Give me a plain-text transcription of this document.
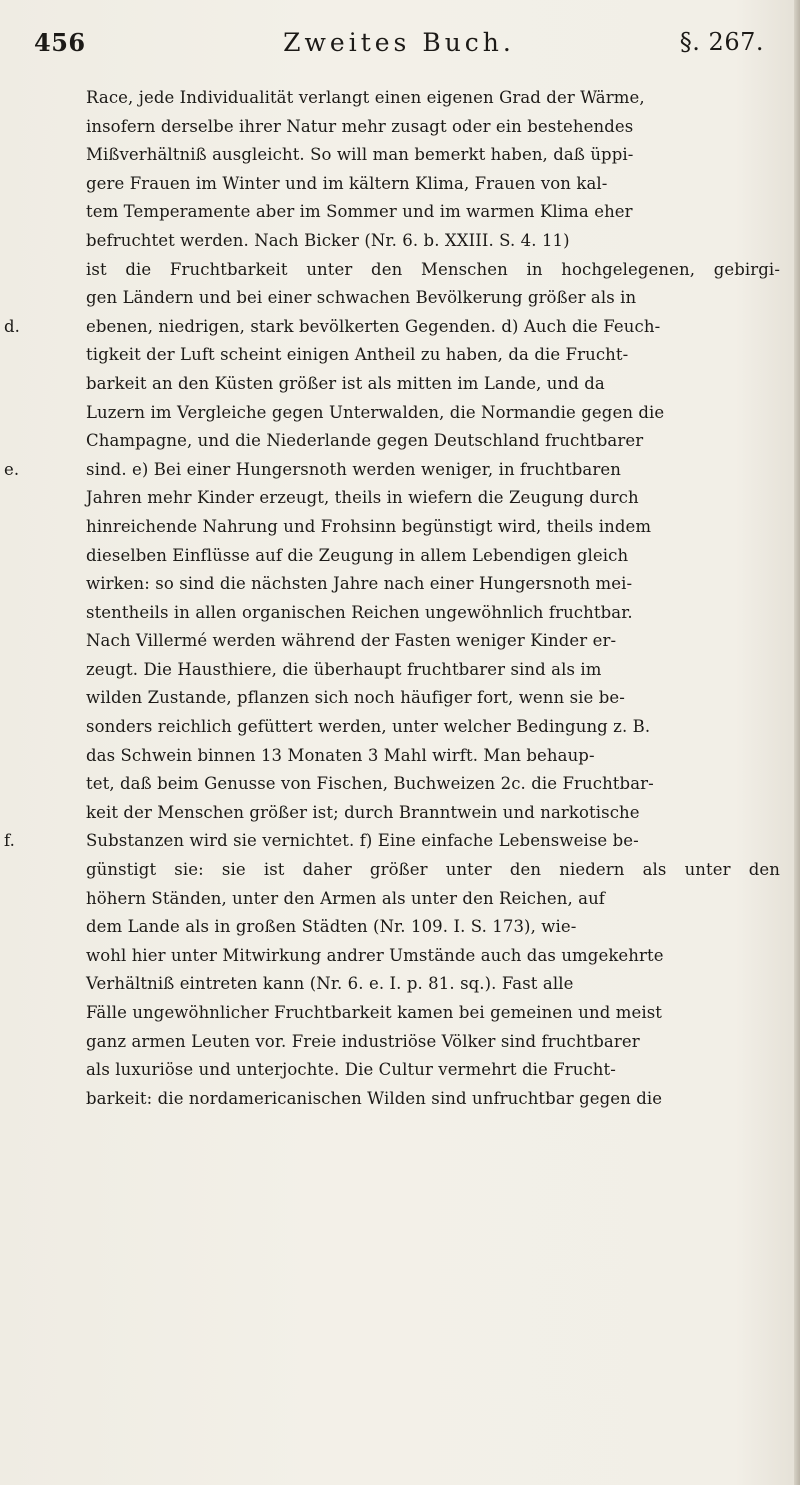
456	Zweites Buch.	§. 267.
Race, jede Individualität verlangt einen eigenen Grad der Wärme,
insofern derselbe ihrer Natur mehr zusagt oder ein bestehendes
Mißverhältniß ausgleicht. So will man bemerkt haben, daß üppi-
gere Frauen im Winter und im kältern Klima, Frauen von kal-
tem Temperamente aber im Sommer und im warmen Klima eher
befruchtet werden. Nach Bicker (Nr. 6. b. XXIII. S. 4. 11)
ist die Fruchtbarkeit unter den Menschen in hochgelegenen, gebirgi-
gen Ländern und bei einer schwachen Bevölkerung größer als in
d.	ebenen, niedrigen, stark bevölkerten Gegenden. d) Auch die Feuch-
tigkeit der Luft scheint einigen Antheil zu haben, da die Frucht-
barkeit an den Küsten größer ist als mitten im Lande, und da
Luzern im Vergleiche gegen Unterwalden, die Normandie gegen die
Champagne, und die Niederlande gegen Deutschland fruchtbarer
e.	sind. e) Bei einer Hungersnoth werden weniger, in fruchtbaren
Jahren mehr Kinder erzeugt, theils in wiefern die Zeugung durch
hinreichende Nahrung und Frohsinn begünstigt wird, theils indem
dieselben Einflüsse auf die Zeugung in allem Lebendigen gleich
wirken: so sind die nächsten Jahre nach einer Hungersnoth mei-
stentheils in allen organischen Reichen ungewöhnlich fruchtbar.
Nach Villermé werden während der Fasten weniger Kinder er-
zeugt. Die Hausthiere, die überhaupt fruchtbarer sind als im
wilden Zustande, pflanzen sich noch häufiger fort, wenn sie be-
sonders reichlich gefüttert werden, unter welcher Bedingung z. B.
das Schwein binnen 13 Monaten 3 Mahl wirft. Man behaup-
tet, daß beim Genusse von Fischen, Buchweizen 2c. die Fruchtbar-
keit der Menschen größer ist; durch Branntwein und narkotische
f.	Substanzen wird sie vernichtet. f) Eine einfache Lebensweise be-
günstigt sie: sie ist daher größer unter den niedern als unter den
höhern Ständen, unter den Armen als unter den Reichen, auf
dem Lande als in großen Städten (Nr. 109. I. S. 173), wie-
wohl hier unter Mitwirkung andrer Umstände auch das umgekehrte
Verhältniß eintreten kann (Nr. 6. e. I. p. 81. sq.). Fast alle
Fälle ungewöhnlicher Fruchtbarkeit kamen bei gemeinen und meist
ganz armen Leuten vor. Freie industriöse Völker sind fruchtbarer
als luxuriöse und unterjochte. Die Cultur vermehrt die Frucht-
barkeit: die nordamericanischen Wilden sind unfruchtbar gegen die
